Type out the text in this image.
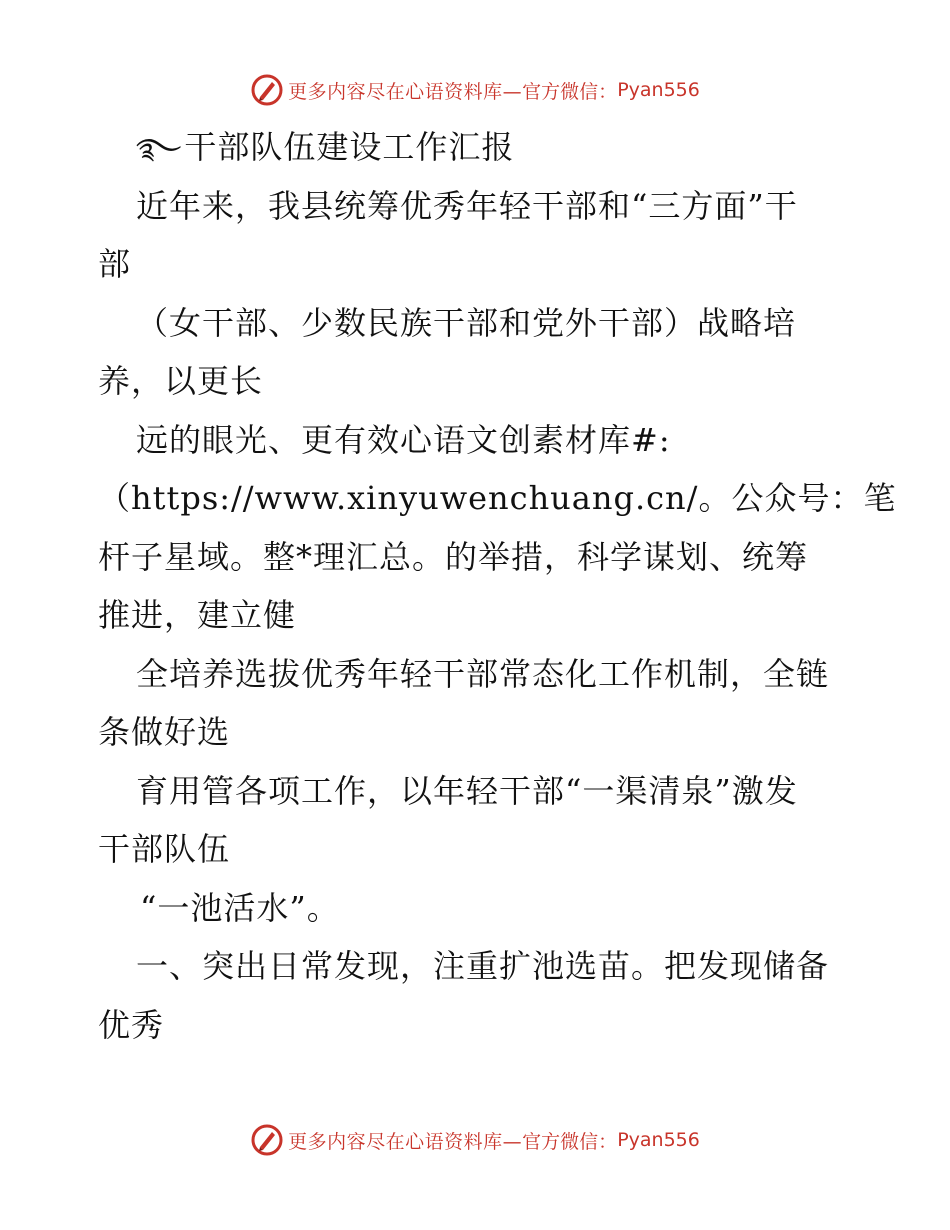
更多内容尽在心语资料库— 官方微信： Pyan556
࿐干部队伍建设工作汇报
近年来，我县统筹优秀年轻干部和“三方面”干
部
（女干部、少数民族干部和党外干部）战略培
养，以更长
远的眼光、更有效心语文创素材库#:
（https://www.xinyuwenchuang.cn/。公众号：笔
杆子星域。整*理汇总。的举措，科学谋划、统筹
推进，建立健
全培养选拔优秀年轻干部常态化工作机制，全链
条做好选
育用管各项工作，以年轻干部“一渠清泉”激发
干部队伍
“一池活水”。
一、突出日常发现，注重扩池选苗。把发现储备
优秀
更多内容尽在心语资料库— 官方微信： Pyan556
